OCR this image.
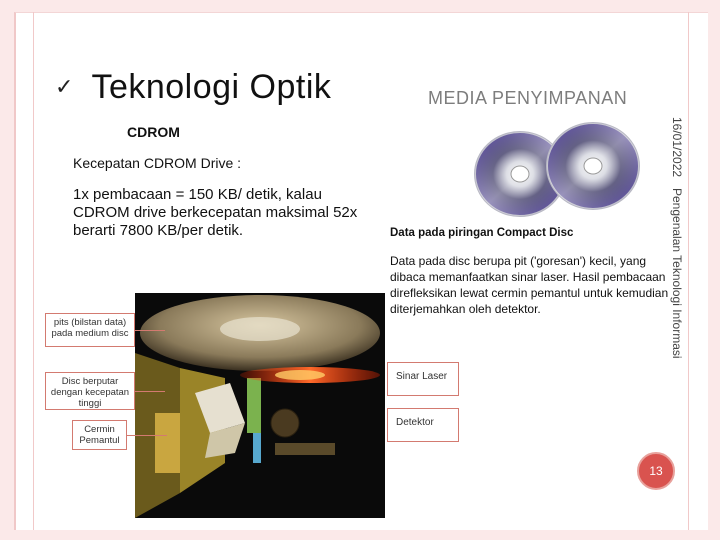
✓ Teknologi Optik	MEDIA PENYIMPANAN
16/01/2022
Pengenalan Teknologi Informasi
CDROM
Kecepatan CDROM Drive :
1x pembacaan = 150 KB/ detik, kalau CDROM drive berkecepatan maksimal 52x berarti 7800 KB/per detik.
pits (bilstan data) pada medium disc
Disc berputar dengan kecepatan tinggi
Cermin Pemantul
Data pada piringan Compact Disc
Data pada disc berupa pit ('goresan') kecil, yang dibaca memanfaatkan sinar laser. Hasil pembacaan direfleksikan lewat cermin pemantul untuk kemudian diterjemahkan oleh detektor.
Sinar Laser
Detektor
13
